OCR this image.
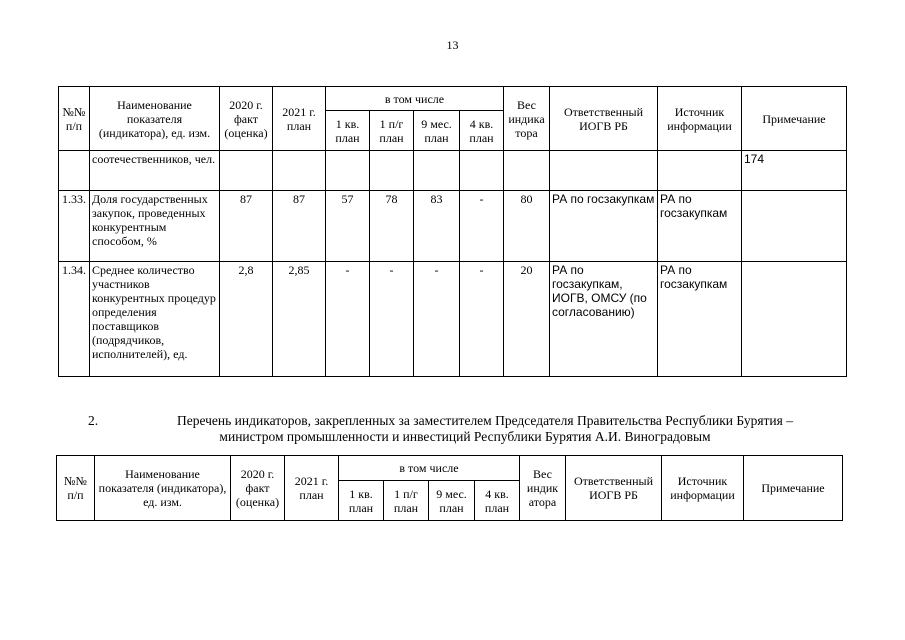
13
№№ п/п	Наименование показателя (индикатора), ед. изм.	2020 г. факт (оценка)	2021 г. план	в том числе				Вес индика тора	Ответственный ИОГВ РБ	Источник информации	Примечание
				1 кв. план	1 п/г план	9 мес. план	4 кв. план				
	соотечественников, чел.										174
1.33.	Доля государственных закупок, проведенных конкурентным способом, %	87	87	57	78	83	-	80	РА по госзакупкам	РА по госзакупкам	
1.34.	Среднее количество участников конкурентных процедур определения поставщиков (подрядчиков, исполнителей), ед.	2,8	2,85	-	-	-	-	20	РА по госзакупкам, ИОГВ, ОМСУ (по согласованию)	РА по госзакупкам	
2.	Перечень индикаторов, закрепленных за заместителем Председателя Правительства Республики Бурятия –
министром промышленности и инвестиций Республики Бурятия А.И. Виноградовым
№№ п/п	Наименование показателя (индикатора), ед. изм.	2020 г. факт (оценка)	2021 г. план	в том числе				Вес индик атора	Ответственный ИОГВ РБ	Источник информации	Примечание
				1 кв. план	1 п/г план	9 мес. план	4 кв. план				
